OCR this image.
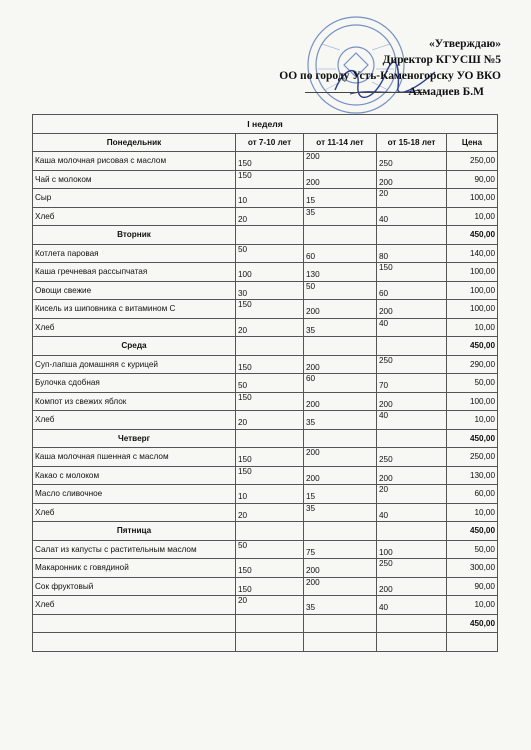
«Утверждаю»
Директор КГУСШ №5
ОО по городу Усть-Каменогорску УО ВКО
Ахмадиев Б.М
I неделя				
Понедельник	от 7-10 лет	от 11-14 лет	от 15-18 лет	Цена
Каша молочная рисовая с маслом	150	200	250	250,00
Чай с молоком	150	200	200	90,00
Сыр	10	15	20	100,00
Хлеб	20	35	40	10,00
Вторник				450,00
Котлета паровая	50	60	80	140,00
Каша гречневая рассыпчатая	100	130	150	100,00
Овощи свежие	30	50	60	100,00
Кисель из шиповника с витамином С	150	200	200	100,00
Хлеб	20	35	40	10,00
Среда				450,00
Суп-лапша домашняя с курицей	150	200	250	290,00
Булочка сдобная	50	60	70	50,00
Компот из свежих яблок	150	200	200	100,00
Хлеб	20	35	40	10,00
Четверг				450,00
Каша молочная пшенная с маслом	150	200	250	250,00
Какао с молоком	150	200	200	130,00
Масло сливочное	10	15	20	60,00
Хлеб	20	35	40	10,00
Пятница				450,00
Салат из капусты с растительным маслом	50	75	100	50,00
Макаронник с говядиной	150	200	250	300,00
Сок фруктовый	150	200	200	90,00
Хлеб	20	35	40	10,00
				450,00
